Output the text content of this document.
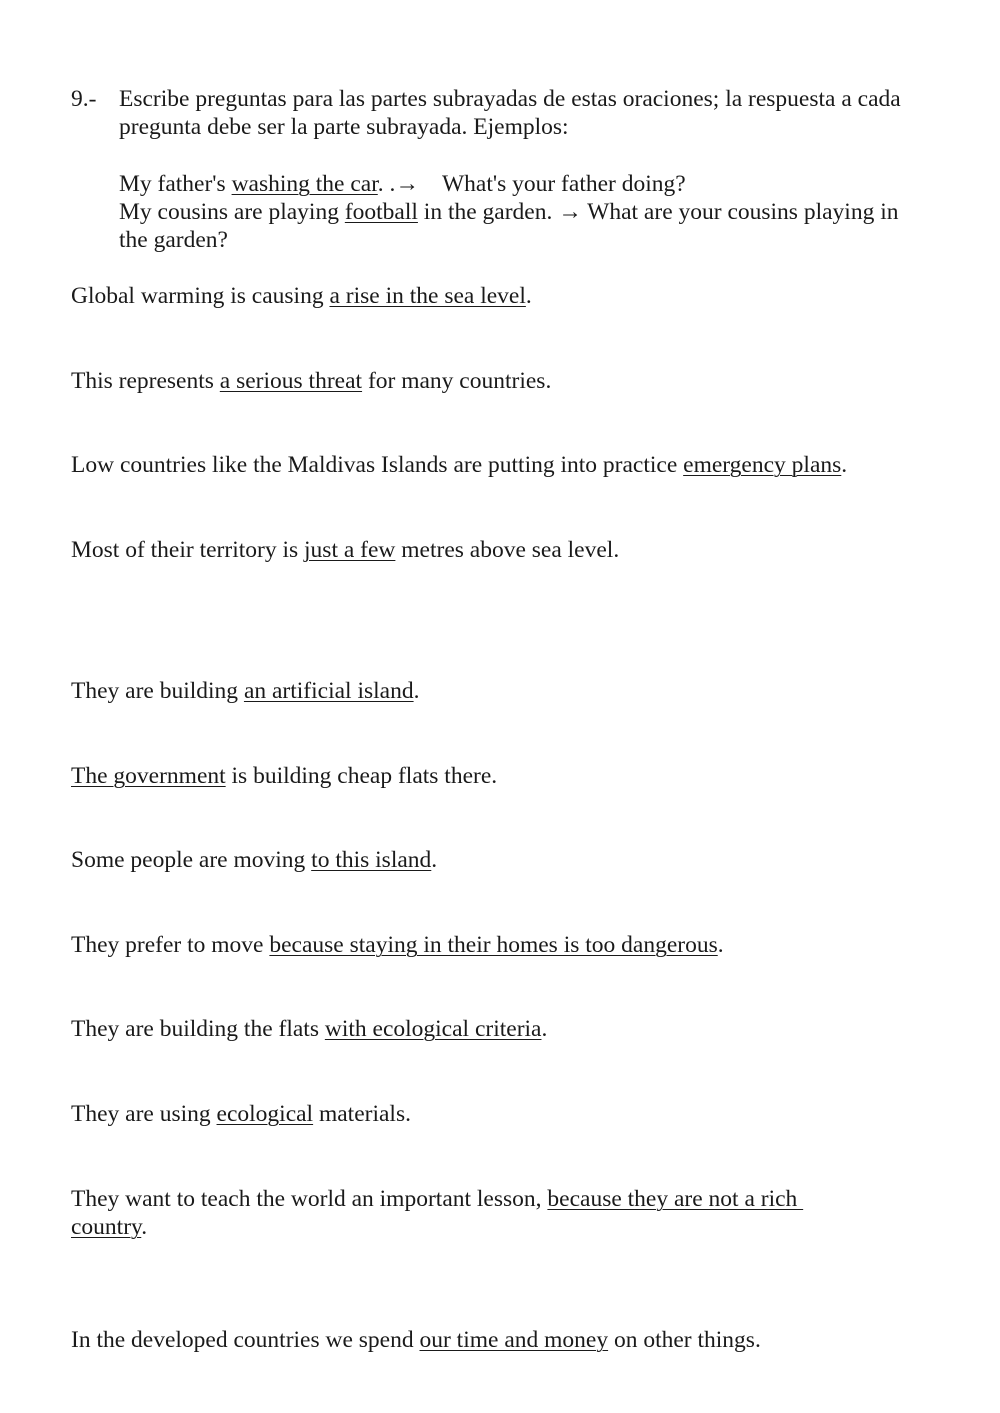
9.- Escribe preguntas para las partes subrayadas de estas oraciones; la respuesta a cada pregunta debe ser la parte subrayada. Ejemplos:
My father's washing the car. .→    What's your father doing?
My cousins are playing football in the garden. → What are your cousins playing in the garden?

Global warming is causing a rise in the sea level.

This represents a serious threat for many countries.

Low countries like the Maldivas Islands are putting into practice emergency plans.

Most of their territory is just a few metres above sea level.

They are building an artificial island.

The government is building cheap flats there.

Some people are moving to this island.

They prefer to move because staying in their homes is too dangerous.

They are building the flats with ecological criteria.

They are using ecological materials.

They want to teach the world an important lesson, because they are not a rich

country.

In the developed countries we spend our time and money on other things.
